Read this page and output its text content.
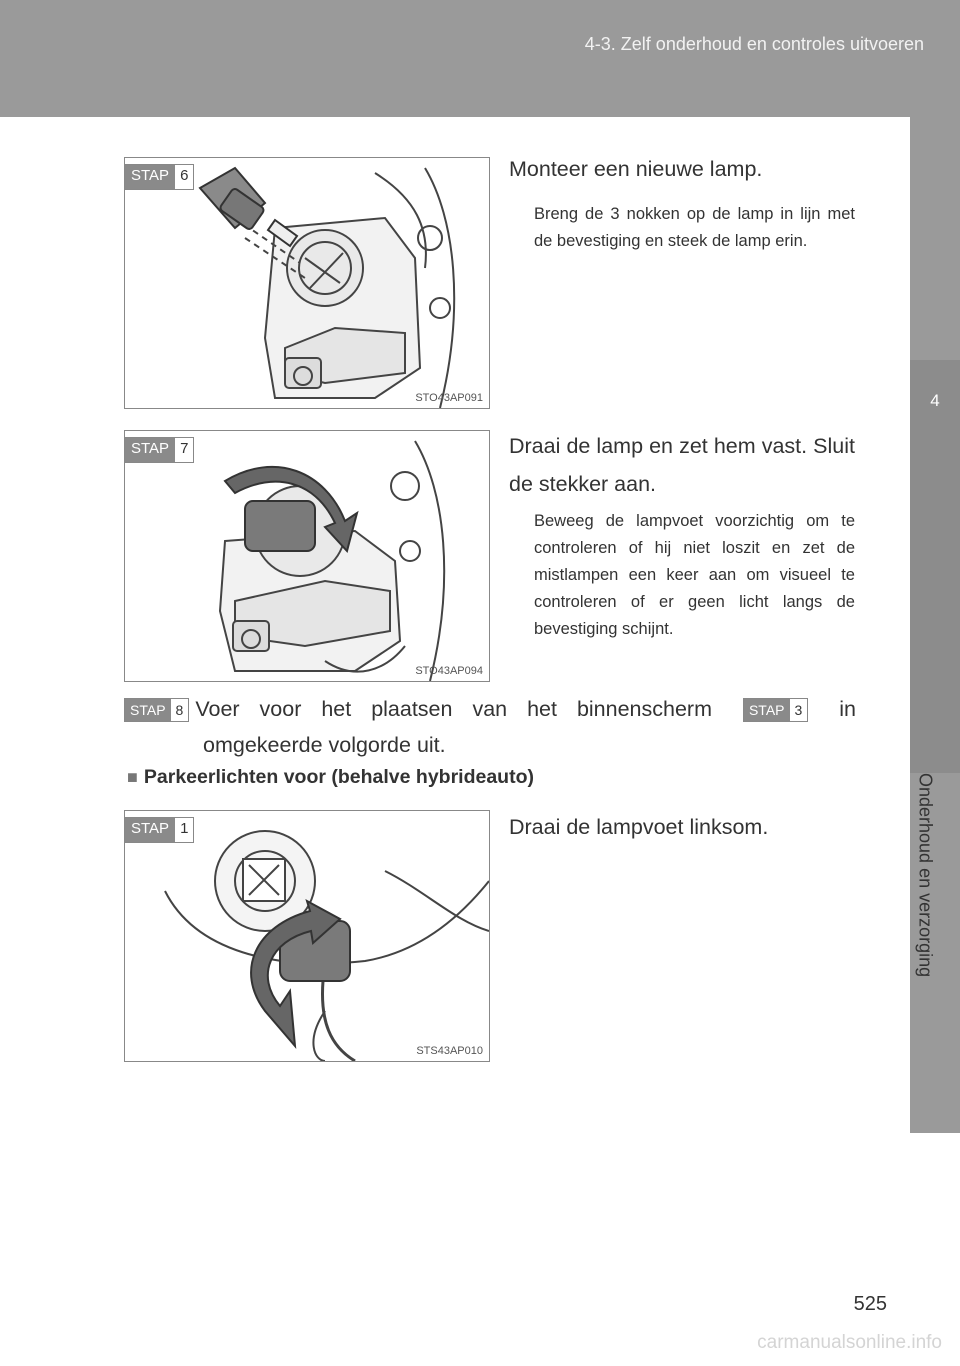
4-3. Zelf onderhoud en controles uitvoeren
4
Onderhoud en verzorging
STAP 6
STO43AP091
Monteer een nieuwe lamp.
Breng de 3 nokken op de lamp in lijn met de bevestiging en steek de lamp erin.
STAP 7
STO43AP094
Draai de lamp en zet hem vast. Sluit de stekker aan.
Beweeg de lampvoet voorzichtig om te controleren of hij niet loszit en zet de mistlampen een keer aan om visueel te controleren of er geen licht langs de bevestiging schijnt.
STAP 8 Voer voor het plaatsen van het binnenscherm	STAP 3 in
omgekeerde volgorde uit.
■ Parkeerlichten voor (behalve hybrideauto)
STAP 1
STS43AP010
Draai de lampvoet linksom.
525
carmanualsonline.info
